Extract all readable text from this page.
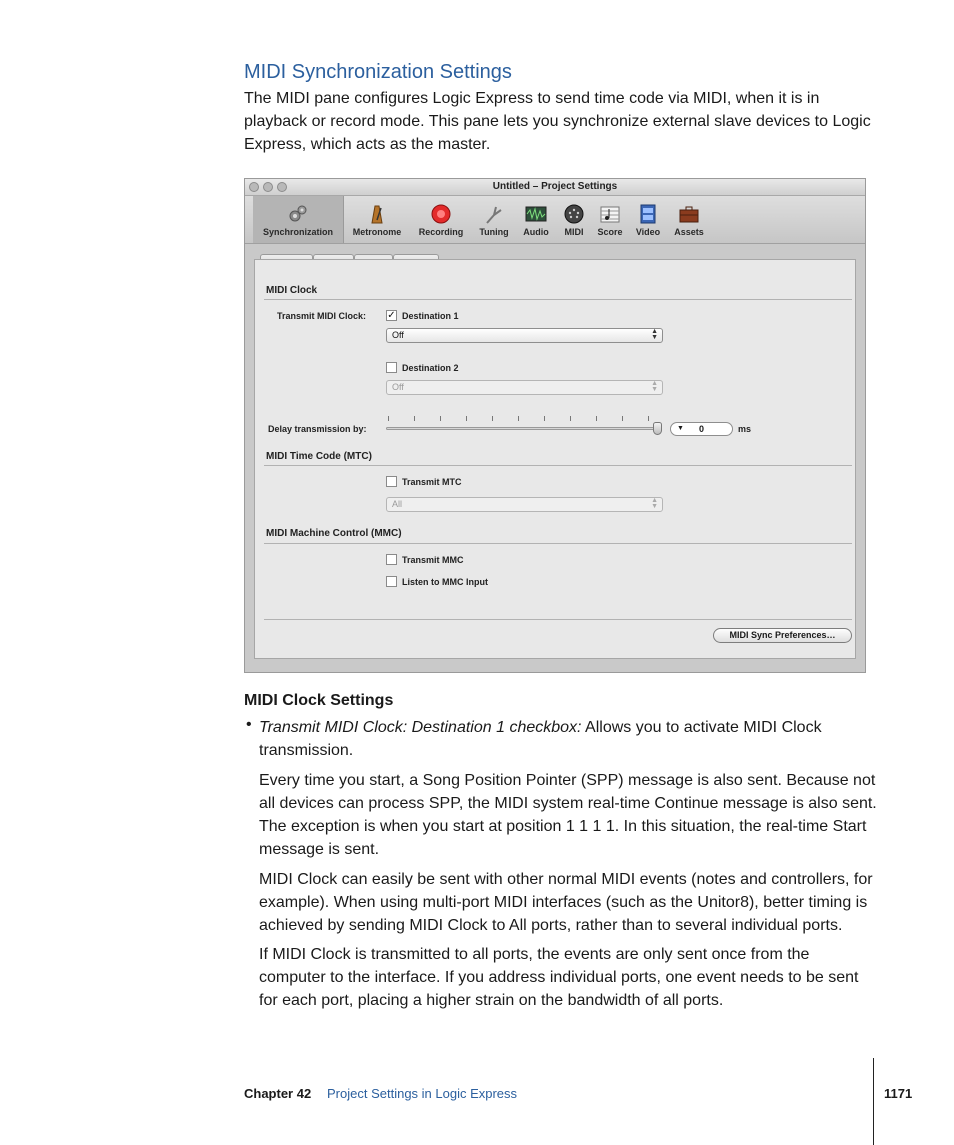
MIDI Synchronization Settings
The MIDI pane configures Logic Express to send time code via MIDI, when it is in playback or record mode. This pane lets you synchronize external slave devices to Logic Express, which acts as the master.
Untitled – Project Settings
Synchronization	Metronome	Recording	Tuning	Audio	MIDI	Score	Video	Assets
MIDI Clock
Transmit MIDI Clock: ✓ Destination 1
Off	▲
▼
Destination 2
Off	▲
▼
Delay transmission by:	▼ 0	ms
MIDI Time Code (MTC)
Transmit MTC
All	▲
▼
MIDI Machine Control (MMC)
Transmit MMC
Listen to MMC Input
MIDI Sync Preferences…
MIDI Clock Settings
• Transmit MIDI Clock: Destination 1 checkbox: Allows you to activate MIDI Clock transmission.
Every time you start, a Song Position Pointer (SPP) message is also sent. Because not all devices can process SPP, the MIDI system real-time Continue message is also sent. The exception is when you start at position 1 1 1 1. In this situation, the real-time Start message is sent.
MIDI Clock can easily be sent with other normal MIDI events (notes and controllers, for example). When using multi-port MIDI interfaces (such as the Unitor8), better timing is achieved by sending MIDI Clock to All ports, rather than to several individual ports.
If MIDI Clock is transmitted to all ports, the events are only sent once from the computer to the interface. If you address individual ports, one event needs to be sent for each port, placing a higher strain on the bandwidth of all ports.
Chapter 42 Project Settings in Logic Express	1171
